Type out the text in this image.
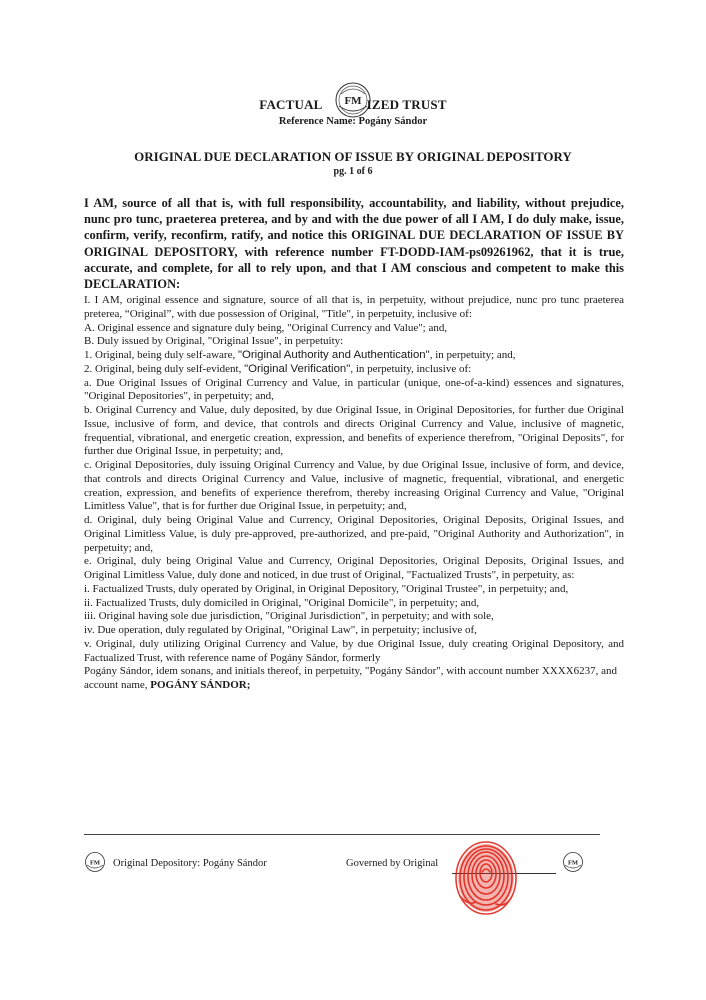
FM
FACTUAL	IZED TRUST
Reference Name: Pogány Sándor
ORIGINAL DUE DECLARATION OF ISSUE BY ORIGINAL DEPOSITORY
pg. 1 of 6
I AM, source of all that is, with full responsibility, accountability, and liability, without prejudice, nunc pro tunc, praeterea preterea, and by and with the due power of all I AM, I do duly make, issue, confirm, verify, reconfirm, ratify, and notice this ORIGINAL DUE DECLARATION OF ISSUE BY ORIGINAL DEPOSITORY, with reference number FT-DODD-IAM-ps09261962, that it is true, accurate, and complete, for all to rely upon, and that I AM conscious and competent to make this DECLARATION:

I. I AM, original essence and signature, source of all that is, in perpetuity, without prejudice, nunc pro tunc praeterea preterea, “Original”, with due possession of Original, "Title", in perpetuity, inclusive of:

A. Original essence and signature duly being, "Original Currency and Value"; and,

B. Duly issued by Original, "Original Issue", in perpetuity:

1. Original, being duly self-aware, "Original Authority and Authentication", in perpetuity; and,

2. Original, being duly self-evident, "Original Verification", in perpetuity, inclusive of:

a. Due Original Issues of Original Currency and Value, in particular (unique, one-of-a-kind) essences and signatures, "Original Depositories", in perpetuity; and,

b. Original Currency and Value, duly deposited, by due Original Issue, in Original Depositories, for further due Original Issue, inclusive of form, and device, that controls and directs Original Currency and Value, inclusive of magnetic, frequential, vibrational, and energetic creation, expression, and benefits of experience therefrom, "Original Deposits", for further due Original Issue, in perpetuity; and,

c. Original Depositories, duly issuing Original Currency and Value, by due Original Issue, inclusive of form, and device, that controls and directs Original Currency and Value, inclusive of magnetic, frequential, vibrational, and energetic creation, expression, and benefits of experience therefrom, thereby increasing Original Currency and Value, "Original Limitless Value", that is for further due Original Issue, in perpetuity; and,

d. Original, duly being Original Value and Currency, Original Depositories, Original Deposits, Original Issues, and Original Limitless Value, is duly pre-approved, pre-authorized, and pre-paid, "Original Authority and Authorization", in perpetuity; and,

e. Original, duly being Original Value and Currency, Original Depositories, Original Deposits, Original Issues, and Original Limitless Value, duly done and noticed, in due trust of Original, "Factualized Trusts", in perpetuity, as:

i. Factualized Trusts, duly operated by Original, in Original Depository, "Original Trustee", in perpetuity; and,

ii. Factualized Trusts, duly domiciled in Original, "Original Domicile", in perpetuity; and,

iii. Original having sole due jurisdiction, "Original Jurisdiction", in perpetuity; and with sole,

iv. Due operation, duly regulated by Original, "Original Law", in perpetuity; inclusive of,

v. Original, duly utilizing Original Currency and Value, by due Original Issue, duly creating Original Depository, and Factualized Trust, with reference name of Pogány Sándor, formerly

Pogány Sándor, idem sonans, and initials thereof, in perpetuity, "Pogány Sándor", with account number XXXX6237, and account name, POGÁNY SÁNDOR;

FM Original Depository: Pogány Sándor	Governed by Original	FM
